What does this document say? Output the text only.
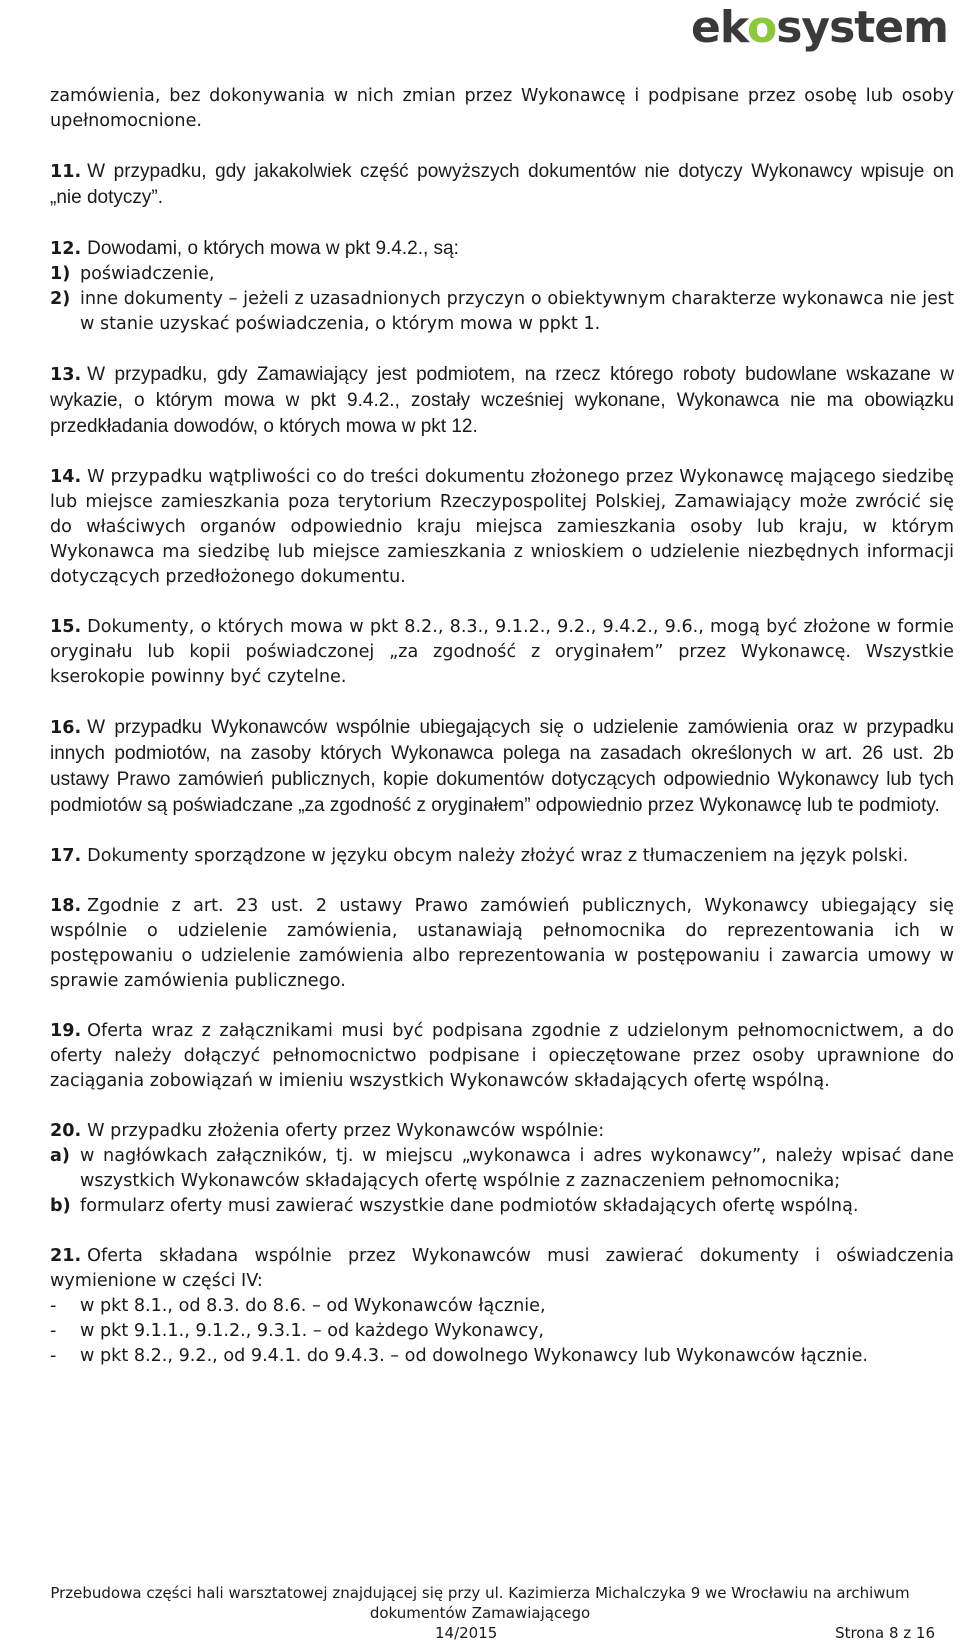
ekosystem

zamówienia, bez dokonywania w nich zmian przez Wykonawcę i podpisane przez osobę lub osoby upełnomocnione.

11. W przypadku, gdy jakakolwiek część powyższych dokumentów nie dotyczy Wykonawcy wpisuje on „nie dotyczy”.
12. Dowodami, o których mowa w pkt 9.4.2., są:
1) poświadczenie,
2) inne dokumenty – jeżeli z uzasadnionych przyczyn o obiektywnym charakterze wykonawca nie jest w stanie uzyskać poświadczenia, o którym mowa w ppkt 1.
13. W przypadku, gdy Zamawiający jest podmiotem, na rzecz którego roboty budowlane wskazane w wykazie, o którym mowa w pkt 9.4.2., zostały wcześniej wykonane, Wykonawca nie ma obowiązku przedkładania dowodów, o których mowa w pkt 12.
14. W przypadku wątpliwości co do treści dokumentu złożonego przez Wykonawcę mającego siedzibę lub miejsce zamieszkania poza terytorium Rzeczypospolitej Polskiej, Zamawiający może zwrócić się do właściwych organów odpowiednio kraju miejsca zamieszkania osoby lub kraju, w którym Wykonawca ma siedzibę lub miejsce zamieszkania z wnioskiem o udzielenie niezbędnych informacji dotyczących przedłożonego dokumentu.
15. Dokumenty, o których mowa w pkt 8.2., 8.3., 9.1.2., 9.2., 9.4.2., 9.6., mogą być złożone w formie oryginału lub kopii poświadczonej „za zgodność z oryginałem” przez Wykonawcę. Wszystkie kserokopie powinny być czytelne.
16. W przypadku Wykonawców wspólnie ubiegających się o udzielenie zamówienia oraz w przypadku innych podmiotów, na zasoby których Wykonawca polega na zasadach określonych w art. 26 ust. 2b ustawy Prawo zamówień publicznych, kopie dokumentów dotyczących odpowiednio Wykonawcy lub tych podmiotów są poświadczane „za zgodność z oryginałem” odpowiednio przez Wykonawcę lub te podmioty.
17. Dokumenty sporządzone w języku obcym należy złożyć wraz z tłumaczeniem na język polski.
18. Zgodnie z art. 23 ust. 2 ustawy Prawo zamówień publicznych, Wykonawcy ubiegający się wspólnie o udzielenie zamówienia, ustanawiają pełnomocnika do reprezentowania ich w postępowaniu o udzielenie zamówienia albo reprezentowania w postępowaniu i zawarcia umowy w sprawie zamówienia publicznego.
19. Oferta wraz z załącznikami musi być podpisana zgodnie z udzielonym pełnomocnictwem, a do oferty należy dołączyć pełnomocnictwo podpisane i opieczętowane przez osoby uprawnione do zaciągania zobowiązań w imieniu wszystkich Wykonawców składających ofertę wspólną.
20. W przypadku złożenia oferty przez Wykonawców wspólnie:
a) w nagłówkach załączników, tj. w miejscu „wykonawca i adres wykonawcy”, należy wpisać dane wszystkich Wykonawców składających ofertę wspólnie z zaznaczeniem pełnomocnika;
b) formularz oferty musi zawierać wszystkie dane podmiotów składających ofertę wspólną.
21. Oferta składana wspólnie przez Wykonawców musi zawierać dokumenty i oświadczenia wymienione w części IV:
- w pkt 8.1., od 8.3. do 8.6. – od Wykonawców łącznie,
- w pkt 9.1.1., 9.1.2., 9.3.1. – od każdego Wykonawcy,
- w pkt 8.2., 9.2., od 9.4.1. do 9.4.3. – od dowolnego Wykonawcy lub Wykonawców łącznie.
Przebudowa części hali warsztatowej znajdującej się przy ul. Kazimierza Michalczyka 9 we Wrocławiu na archiwum
dokumentów Zamawiającego
14/2015	Strona 8 z 16
